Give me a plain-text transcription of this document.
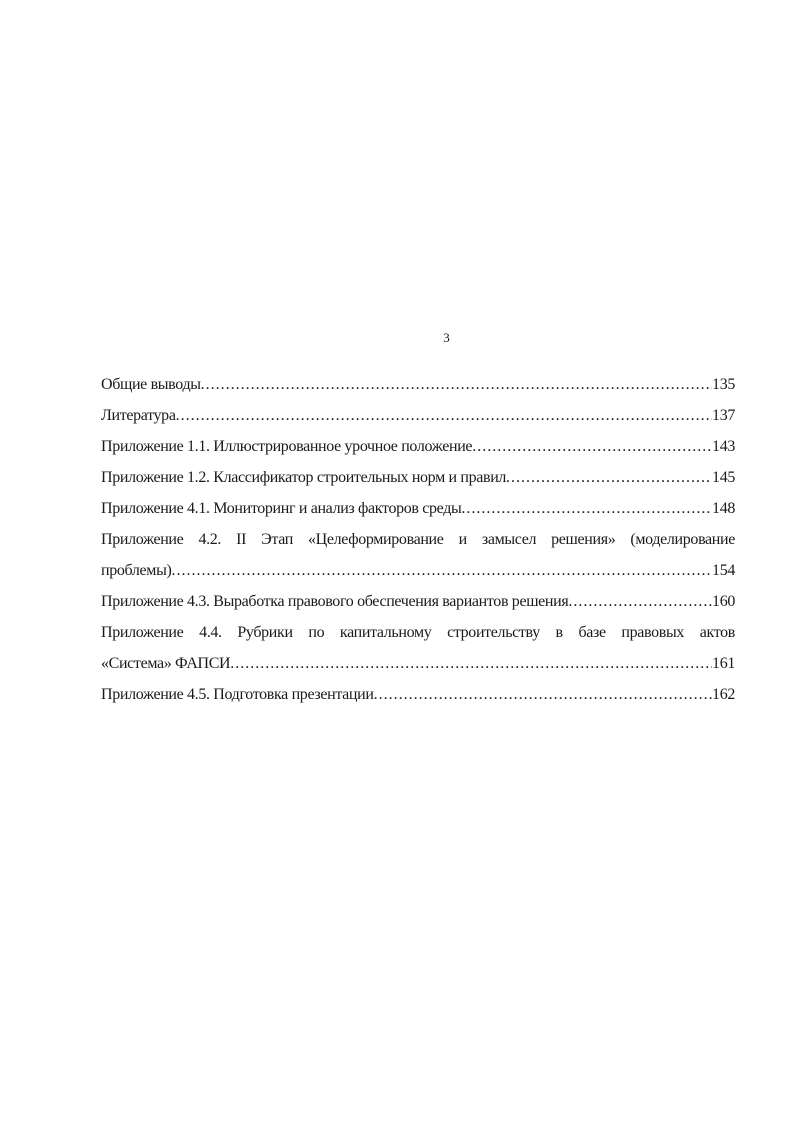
3
Общие выводы .....	135
Литература .....	137
Приложение 1.1. Иллюстрированное урочное положение .....	143
Приложение 1.2. Классификатор строительных норм и правил .....	145
Приложение 4.1. Мониторинг и анализ факторов среды .....	148
Приложение 4.2. II Этап «Целеформирование и замысел решения» (моделирование
проблемы) .....	154
Приложение 4.3. Выработка правового обеспечения вариантов решения .....	160
Приложение 4.4. Рубрики по капитальному строительству в базе правовых актов
«Система» ФАПСИ .....	161
Приложение 4.5. Подготовка презентации .....	162
